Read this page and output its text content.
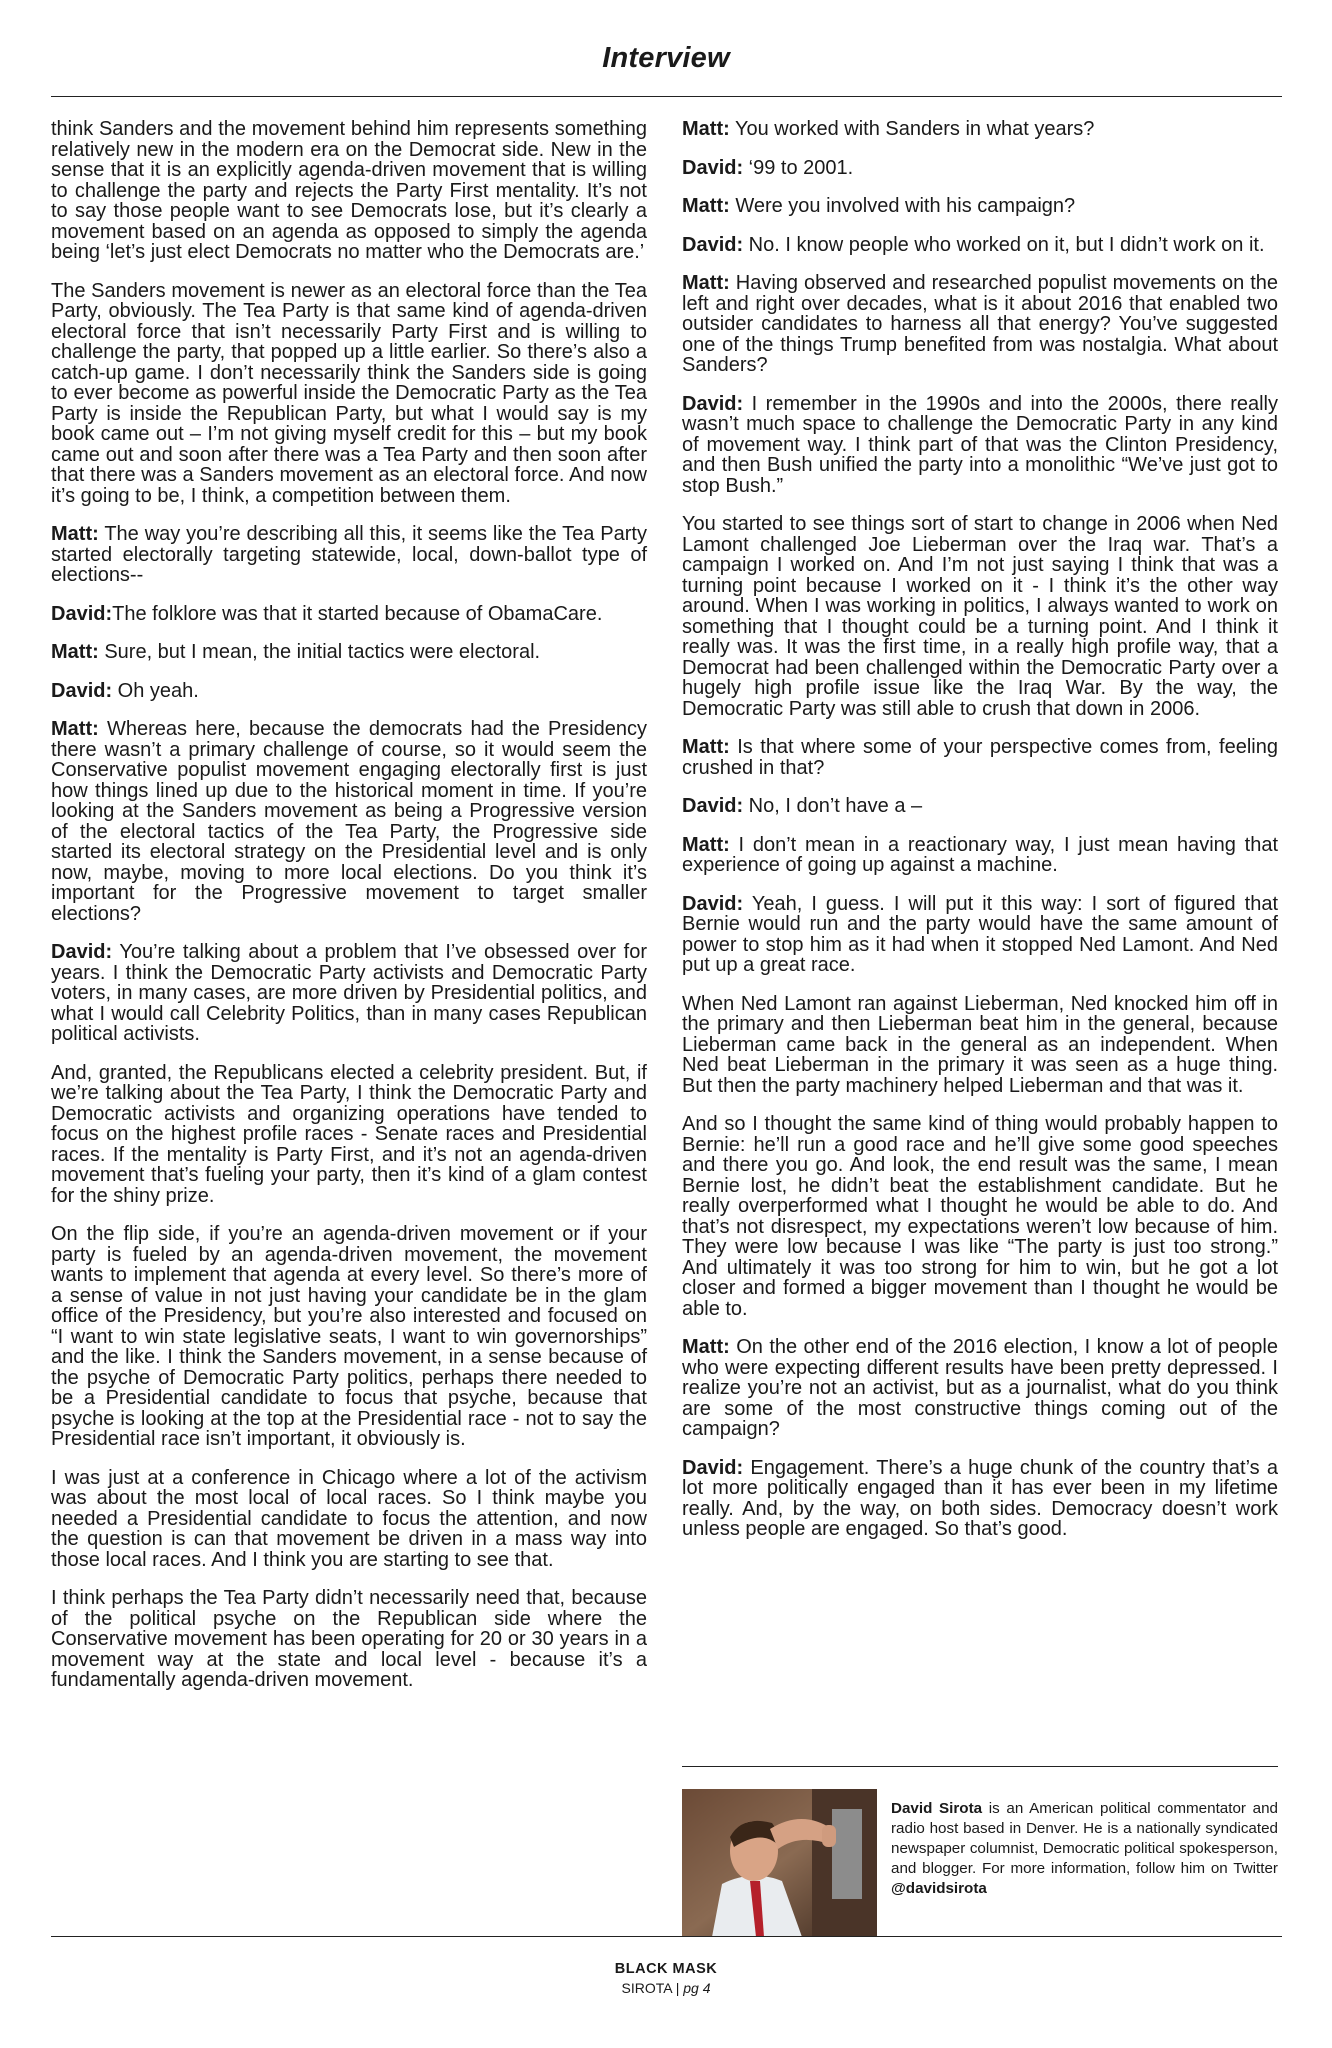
Interview

think Sanders and the movement behind him represents something relatively new in the modern era on the Democrat side. New in the sense that it is an explicitly agenda-driven movement that is willing to challenge the party and rejects the Party First mentality. It’s not to say those people want to see Democrats lose, but it’s clearly a movement based on an agenda as opposed to simply the agenda being ‘let’s just elect Democrats no matter who the Democrats are.’

The Sanders movement is newer as an electoral force than the Tea Party, obviously. The Tea Party is that same kind of agenda-driven electoral force that isn’t necessarily Party First and is willing to challenge the party, that popped up a little earlier. So there’s also a catch-up game. I don’t necessarily think the Sanders side is going to ever become as powerful inside the Democratic Party as the Tea Party is inside the Republican Party, but what I would say is my book came out – I’m not giving myself credit for this – but my book came out and soon after there was a Tea Party and then soon after that there was a Sanders movement as an electoral force. And now it’s going to be, I think, a competition between them.

Matt: The way you’re describing all this, it seems like the Tea Party started electorally targeting statewide, local, down-ballot type of elections--

David:The folklore was that it started because of ObamaCare.

Matt: Sure, but I mean, the initial tactics were electoral.

David: Oh yeah.

Matt: Whereas here, because the democrats had the Presidency there wasn’t a primary challenge of course, so it would seem the Conservative populist movement engaging electorally first is just how things lined up due to the historical moment in time. If you’re looking at the Sanders movement as being a Progressive version of the electoral tactics of the Tea Party, the Progressive side started its electoral strategy on the Presidential level and is only now, maybe, moving to more local elections. Do you think it’s important for the Progressive movement to target smaller elections?

David: You’re talking about a problem that I’ve obsessed over for years. I think the Democratic Party activists and Democratic Party voters, in many cases, are more driven by Presidential politics, and what I would call Celebrity Politics, than in many cases Republican political activists.

And, granted, the Republicans elected a celebrity president. But, if we’re talking about the Tea Party, I think the Democratic Party and Democratic activists and organizing operations have tended to focus on the highest profile races - Senate races and Presidential races. If the mentality is Party First, and it’s not an agenda-driven movement that’s fueling your party, then it’s kind of a glam contest for the shiny prize.

On the flip side, if you’re an agenda-driven movement or if your party is fueled by an agenda-driven movement, the movement wants to implement that agenda at every level. So there’s more of a sense of value in not just having your candidate be in the glam office of the Presidency, but you’re also interested and focused on “I want to win state legislative seats, I want to win governorships” and the like. I think the Sanders movement, in a sense because of the psyche of Democratic Party politics, perhaps there needed to be a Presidential candidate to focus that psyche, because that psyche is looking at the top at the Presidential race - not to say the Presidential race isn’t important, it obviously is.

I was just at a conference in Chicago where a lot of the activism was about the most local of local races. So I think maybe you needed a Presidential candidate to focus the attention, and now the question is can that movement be driven in a mass way into those local races. And I think you are starting to see that.

I think perhaps the Tea Party didn’t necessarily need that, because of the political psyche on the Republican side where the Conservative movement has been operating for 20 or 30 years in a movement way at the state and local level - because it’s a fundamentally agenda-driven movement.

Matt: You worked with Sanders in what years?

David: ‘99 to 2001.

Matt: Were you involved with his campaign?

David: No. I know people who worked on it, but I didn’t work on it.

Matt: Having observed and researched populist movements on the left and right over decades, what is it about 2016 that enabled two outsider candidates to harness all that energy? You’ve suggested one of the things Trump benefited from was nostalgia. What about Sanders?

David: I remember in the 1990s and into the 2000s, there really wasn’t much space to challenge the Democratic Party in any kind of movement way. I think part of that was the Clinton Presidency, and then Bush unified the party into a monolithic “We’ve just got to stop Bush.”

You started to see things sort of start to change in 2006 when Ned Lamont challenged Joe Lieberman over the Iraq war. That’s a campaign I worked on. And I’m not just saying I think that was a turning point because I worked on it - I think it’s the other way around. When I was working in politics, I always wanted to work on something that I thought could be a turning point. And I think it really was. It was the first time, in a really high profile way, that a Democrat had been challenged within the Democratic Party over a hugely high profile issue like the Iraq War. By the way, the Democratic Party was still able to crush that down in 2006.

Matt: Is that where some of your perspective comes from, feeling crushed in that?

David: No, I don’t have a –

Matt: I don’t mean in a reactionary way, I just mean having that experience of going up against a machine.

David: Yeah, I guess. I will put it this way: I sort of figured that Bernie would run and the party would have the same amount of power to stop him as it had when it stopped Ned Lamont. And Ned put up a great race.

When Ned Lamont ran against Lieberman, Ned knocked him off in the primary and then Lieberman beat him in the general, because Lieberman came back in the general as an independent. When Ned beat Lieberman in the primary it was seen as a huge thing. But then the party machinery helped Lieberman and that was it.

And so I thought the same kind of thing would probably happen to Bernie: he’ll run a good race and he’ll give some good speeches and there you go. And look, the end result was the same, I mean Bernie lost, he didn’t beat the establishment candidate. But he really overperformed what I thought he would be able to do. And that’s not disrespect, my expectations weren’t low because of him. They were low because I was like “The party is just too strong.” And ultimately it was too strong for him to win, but he got a lot closer and formed a bigger movement than I thought he would be able to.

Matt: On the other end of the 2016 election, I know a lot of people who were expecting different results have been pretty depressed. I realize you’re not an activist, but as a journalist, what do you think are some of the most constructive things coming out of the campaign?

David: Engagement. There’s a huge chunk of the country that’s a lot more politically engaged than it has ever been in my lifetime really. And, by the way, on both sides. Democracy doesn’t work unless people are engaged. So that’s good.

David Sirota is an American political commentator and radio host based in Denver. He is a nationally syndicated newspaper columnist, Democratic political spokesperson, and blogger. For more information, follow him on Twitter @davidsirota

BLACK MASK
SIROTA | pg 4
